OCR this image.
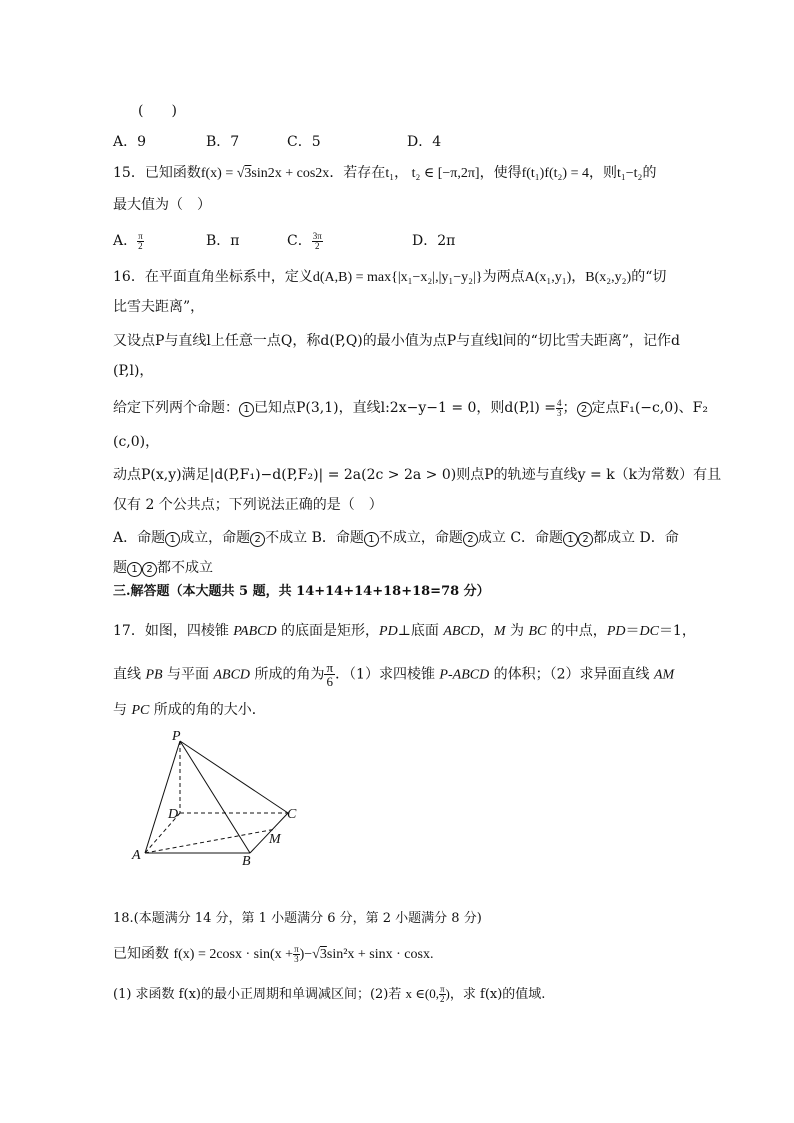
(　　)
A．9	B．7	C．5	D．4
15．已知函数f(x) = √3sin2x + cos2x．若存在t₁， t₂ ∈ [−π,2π]，使得f(t₁)f(t₂) = 4，则t₁−t₂的
最大值为（　）
A． $\frac{\pi}{2}$	B．π	C． $\frac{3\pi}{2}$	D．2π
16．在平面直角坐标系中，定义d(A,B) = max{|x₁−x₂|,|y₁−y₂|}为两点A(x₁,y₁)，B(x₂,y₂)的“切
比雪夫距离”，
又设点P与直线l上任意一点Q，称d(P,Q)的最小值为点P与直线l间的“切比雪夫距离”，记作d
(P,l)，
给定下列两个命题： 1 已知点P(3,1)，直线l:2x−y−1 = 0，则$d(P,l) = \frac{4}{3}$ ； 2 定点F₁(−c,0)、F₂
(c,0)，
动点P(x,y)满足|d(P,F₁)−d(P,F₂)| = 2a(2c > 2a > 0)则点P的轨迹与直线y = k（k为常数）有且
仅有 2 个公共点；下列说法正确的是（　）
A．命题 1 成立，命题 2 不成立 B．命题 1 不成立，命题 2 成立 C．命题 1 2 都成立 D．命
题 1 2 都不成立
三.解答题（本大题共 5 题，共 14+14+14+18+18=78 分）
17．如图，四棱锥 PABCD 的底面是矩形，PD⊥底面 ABCD，M 为 BC 的中点，PD＝DC＝1，
直线 PB 与平面 ABCD 所成的角为 $\frac{\pi}{6}$ ．（1）求四棱锥 P-ABCD 的体积；（2）求异面直线 AM
与 PC 所成的角的大小．
P
D	C
M
A	B
18.(本题满分 14 分，第 1 小题满分 6 分，第 2 小题满分 8 分)
已知函数 $f(x) = 2\cos x \cdot \sin(x + \frac{\pi}{3} )-√3\sin^2x + \sin x \cdot \cos x$.
(1) 求函数 f(x)的最小正周期和单调减区间；(2)若 x ∈(0, $\frac{\pi}{2}$ )，求 f(x)的值域.
